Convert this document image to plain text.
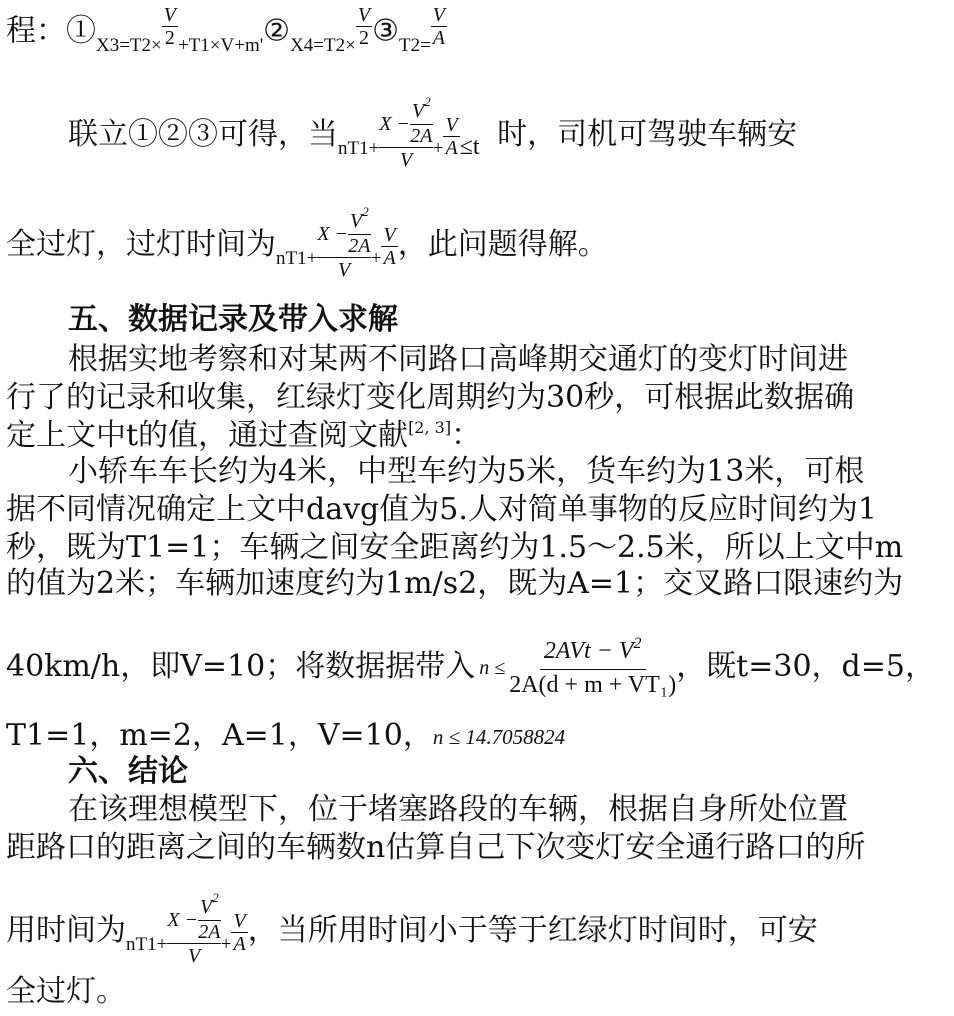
程：$①_{X3=T2\times} \frac{V}{2}$ $_{+T1\times V+m'}②_{X4=T2\times} \frac{V}{2}$ $③_{T2=} \frac{V}{A}$
联立①②③可得，当$_{nT1+}$
$X - \frac{V^2}{2A}$
V
$_+ \frac{V}{A} _{\le t}$ 时，司机可驾驶车辆安
全过灯，过灯时间为$_{nT1+}$
$X - \frac{V^2}{2A}$
V
$_+ \frac{V}{A}$ ，此问题得解。
五、数据记录及带入求解
根据实地考察和对某两不同路口高峰期交通灯的变灯时间进
行了的记录和收集，红绿灯变化周期约为30秒，可根据此数据确
定上文中t的值，通过查阅文献[2, 3]：
小轿车车长约为4米，中型车约为5米，货车约为13米，可根
据不同情况确定上文中davg值为5.人对简单事物的反应时间约为1
秒，既为T1=1；车辆之间安全距离约为1.5～2.5米，所以上文中m
的值为2米；车辆加速度约为1m/s2，既为A=1；交叉路口限速约为
40km/h，即V=10；将数据据带入 $n \le \frac{2AVt - V^2}{\text{2A(d + m + VT₁)}}$ ，既t=30，d=5，
T1=1，m=2，A=1，V=10，n ≤ 14.7058824
六、结论
在该理想模型下，位于堵塞路段的车辆，根据自身所处位置
距路口的距离之间的车辆数n估算自己下次变灯安全通行路口的所
用时间为$_{nT1+}$
$X - \frac{V^2}{2A}$
V
$_+ \frac{V}{A}$ ，当所用时间小于等于红绿灯时间时，可安
全过灯。
